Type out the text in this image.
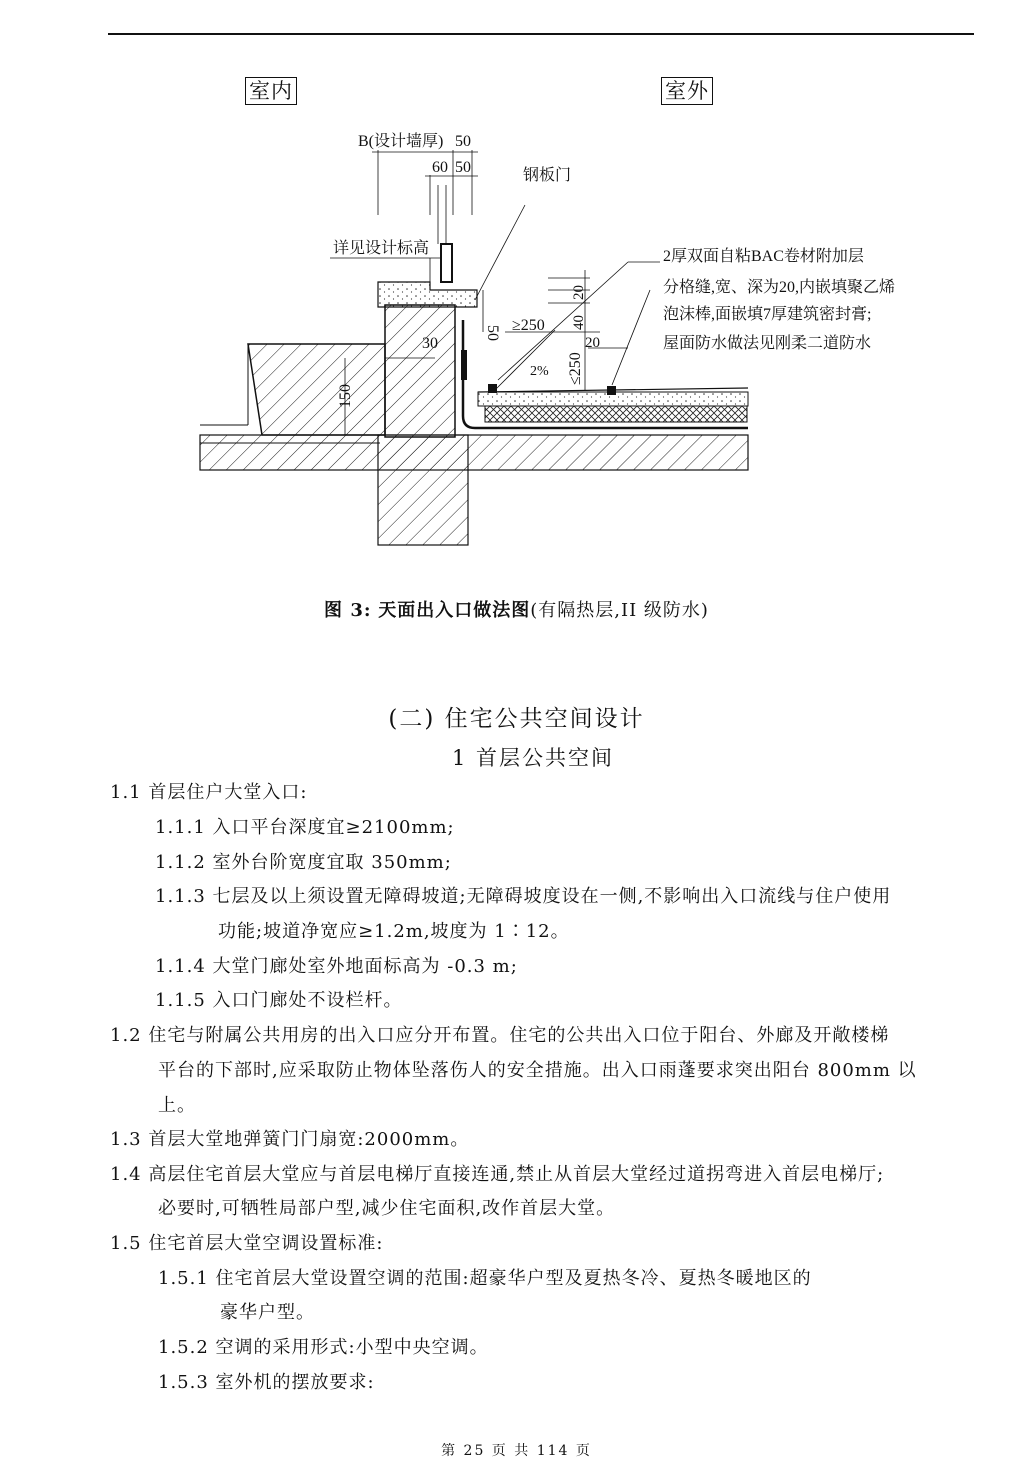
室内	室外
B(设计墙厚) 50
60 50	钢板门
详见设计标高
50 ≥250
30
150
2% ≤250
20
40
20
2厚双面自粘BAC卷材附加层
分格缝,宽、深为20,内嵌填聚乙烯
泡沫棒,面嵌填7厚建筑密封膏;
屋面防水做法见刚柔二道防水
图 3: 天面出入口做法图(有隔热层,II 级防水)
(二) 住宅公共空间设计
1 首层公共空间
1.1 首层住户大堂入口:
1.1.1 入口平台深度宜≥2100mm;
1.1.2 室外台阶宽度宜取 350mm;
1.1.3 七层及以上须设置无障碍坡道;无障碍坡度设在一侧,不影响出入口流线与住户使用
功能;坡道净宽应≥1.2m,坡度为 1∶12。
1.1.4 大堂门廊处室外地面标高为 -0.3 m;
1.1.5 入口门廊处不设栏杆。
1.2 住宅与附属公共用房的出入口应分开布置。住宅的公共出入口位于阳台、外廊及开敞楼梯
平台的下部时,应采取防止物体坠落伤人的安全措施。出入口雨蓬要求突出阳台 800mm 以
上。
1.3 首层大堂地弹簧门门扇宽:2000mm。
1.4 高层住宅首层大堂应与首层电梯厅直接连通,禁止从首层大堂经过道拐弯进入首层电梯厅;
必要时,可牺牲局部户型,减少住宅面积,改作首层大堂。
1.5 住宅首层大堂空调设置标准:
1.5.1 住宅首层大堂设置空调的范围:超豪华户型及夏热冬冷、夏热冬暖地区的
豪华户型。
1.5.2 空调的采用形式:小型中央空调。
1.5.3 室外机的摆放要求:
第 25 页 共 114 页
